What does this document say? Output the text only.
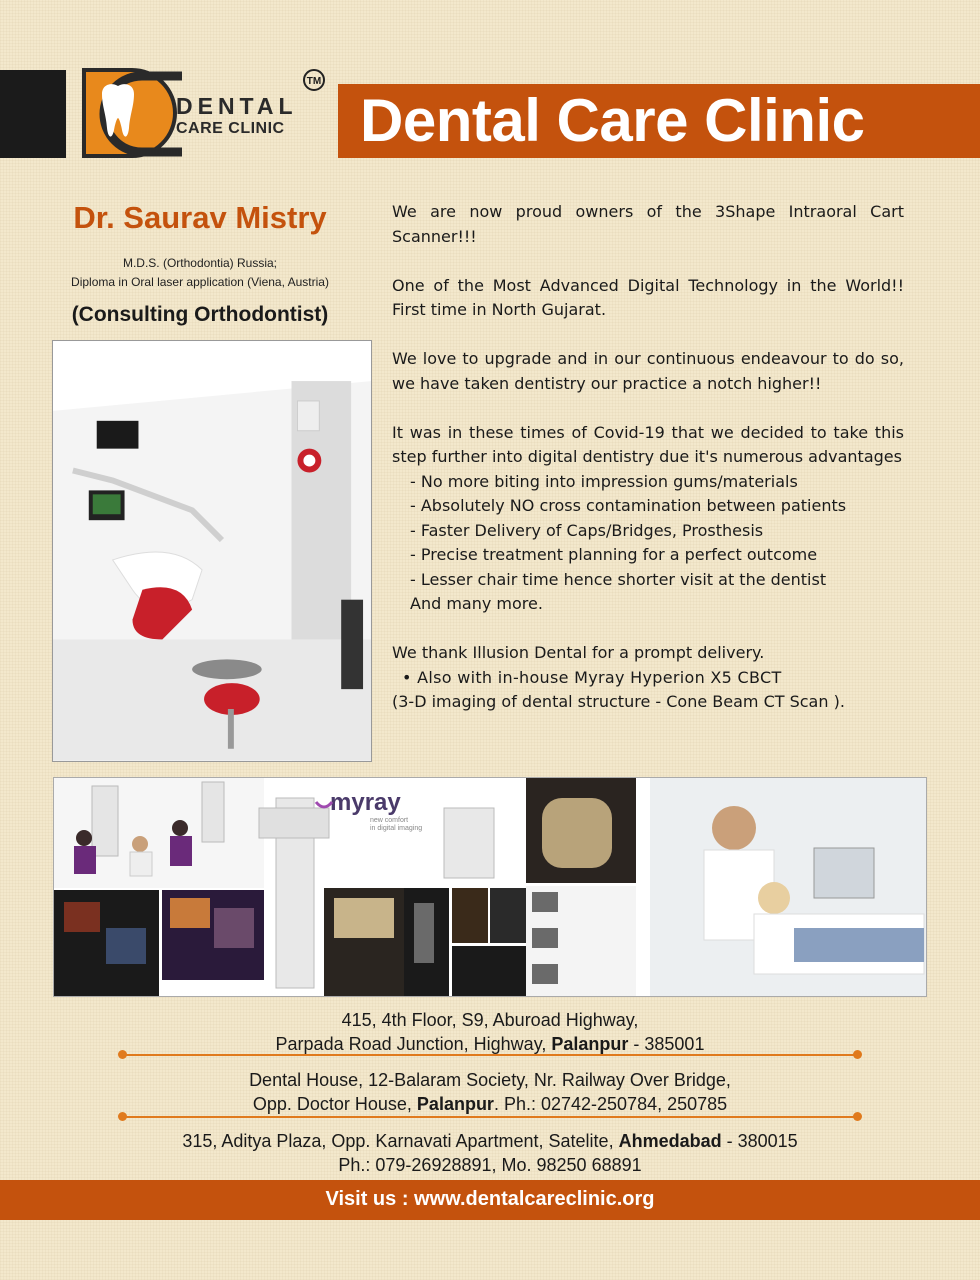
Dental Care Clinic
TM
DENTAL
CARE CLINIC
Dr. Saurav Mistry
M.D.S. (Orthodontia) Russia;
Diploma in Oral laser application (Viena, Austria)
(Consulting Orthodontist)

We are now proud owners of the 3Shape Intraoral Cart Scanner!!!

One of the Most Advanced Digital Technology in the World!! First time in North Gujarat.

We love to upgrade and in our continuous endeavour to do so, we have taken dentistry our practice a notch higher!!

It was in these times of Covid-19 that we decided to take this step further into digital dentistry due it's numerous advantages

- No more biting into impression gums/materials

- Absolutely NO cross contamination between patients

- Faster Delivery of Caps/Bridges, Prosthesis

- Precise treatment planning for a perfect outcome

- Lesser chair time hence shorter visit at the dentist

And many more.

We thank Illusion Dental for a prompt delivery.

• Also with in-house Myray Hyperion X5 CBCT

(3-D imaging of dental structure - Cone Beam CT Scan ).

myray
new comfort
in digital imaging
415, 4th Floor, S9, Aburoad Highway,
Parpada Road Junction, Highway, Palanpur - 385001
Dental House, 12-Balaram Society, Nr. Railway Over Bridge,
Opp. Doctor House, Palanpur. Ph.: 02742-250784, 250785
315, Aditya Plaza, Opp. Karnavati Apartment, Satelite, Ahmedabad - 380015
Ph.: 079-26928891, Mo. 98250 68891
Visit us : www.dentalcareclinic.org
